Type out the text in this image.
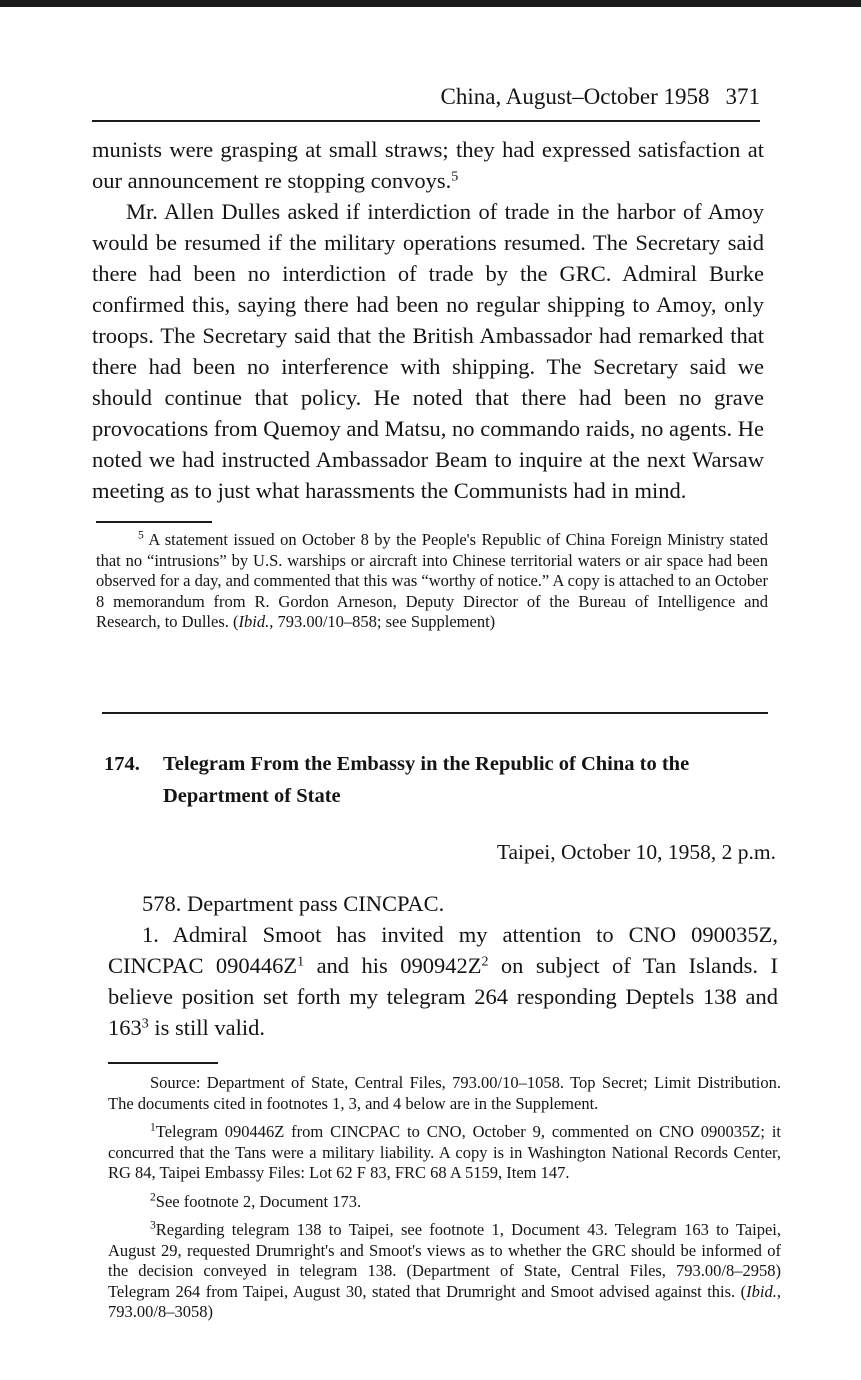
China, August–October 1958 371

munists were grasping at small straws; they had expressed satisfaction at our announcement re stopping convoys.$^5$

Mr. Allen Dulles asked if interdiction of trade in the harbor of Amoy would be resumed if the military operations resumed. The Secretary said there had been no interdiction of trade by the GRC. Admiral Burke confirmed this, saying there had been no regular shipping to Amoy, only troops. The Secretary said that the British Ambassador had remarked that there had been no interference with shipping. The Secretary said we should continue that policy. He noted that there had been no grave provocations from Quemoy and Matsu, no commando raids, no agents. He noted we had instructed Ambassador Beam to inquire at the next Warsaw meeting as to just what harassments the Communists had in mind.

$^5$ A statement issued on October 8 by the People's Republic of China Foreign Ministry stated that no “intrusions” by U.S. warships or aircraft into Chinese territorial waters or air space had been observed for a day, and commented that this was “worthy of notice.” A copy is attached to an October 8 memorandum from R. Gordon Arneson, Deputy Director of the Bureau of Intelligence and Research, to Dulles. (Ibid., 793.00/10–858; see Supplement)

174. Telegram From the Embassy in the Republic of China to the Department of State
Taipei, October 10, 1958, 2 p.m.

578. Department pass CINCPAC.

1. Admiral Smoot has invited my attention to CNO 090035Z, CINCPAC $090446Z^1$ and his $090942Z^2$ on subject of Tan Islands. I believe position set forth my telegram 264 responding Deptels 138 and $163^3$ is still valid.

Source: Department of State, Central Files, 793.00/10–1058. Top Secret; Limit Distribution. The documents cited in footnotes 1, 3, and 4 below are in the Supplement.

$^1$Telegram 090446Z from CINCPAC to CNO, October 9, commented on CNO 090035Z; it concurred that the Tans were a military liability. A copy is in Washington National Records Center, RG 84, Taipei Embassy Files: Lot 62 F 83, FRC 68 A 5159, Item 147.

$^2$See footnote 2, Document 173.

$^3$Regarding telegram 138 to Taipei, see footnote 1, Document 43. Telegram 163 to Taipei, August 29, requested Drumright's and Smoot's views as to whether the GRC should be informed of the decision conveyed in telegram 138. (Department of State, Central Files, 793.00/8–2958) Telegram 264 from Taipei, August 30, stated that Drumright and Smoot advised against this. (Ibid., 793.00/8–3058)
